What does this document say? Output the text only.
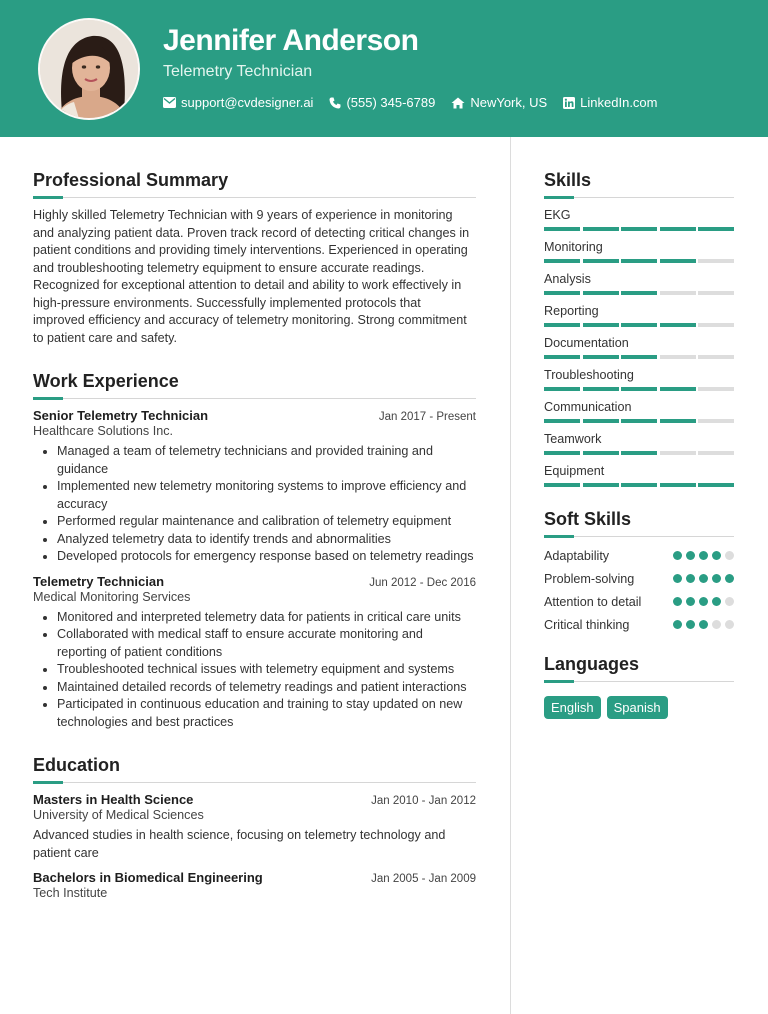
Jennifer Anderson
Telemetry Technician
support@cvdesigner.ai	(555) 345-6789	NewYork, US	LinkedIn.com
Professional Summary

Highly skilled Telemetry Technician with 9 years of experience in monitoring and analyzing patient data. Proven track record of detecting critical changes in patient conditions and providing timely interventions. Experienced in operating and troubleshooting telemetry equipment to ensure accurate readings. Recognized for exceptional attention to detail and ability to work effectively in high-pressure environments. Successfully implemented protocols that improved efficiency and accuracy of telemetry monitoring. Strong commitment to patient care and safety.

Work Experience
Senior Telemetry Technician	Jan 2017 - Present
Healthcare Solutions Inc.
• Managed a team of telemetry technicians and provided training and guidance
• Implemented new telemetry monitoring systems to improve efficiency and accuracy
• Performed regular maintenance and calibration of telemetry equipment
• Analyzed telemetry data to identify trends and abnormalities
• Developed protocols for emergency response based on telemetry readings
Telemetry Technician	Jun 2012 - Dec 2016
Medical Monitoring Services
• Monitored and interpreted telemetry data for patients in critical care units
• Collaborated with medical staff to ensure accurate monitoring and reporting of patient conditions
• Troubleshooted technical issues with telemetry equipment and systems
• Maintained detailed records of telemetry readings and patient interactions
• Participated in continuous education and training to stay updated on new technologies and best practices
Education
Masters in Health Science	Jan 2010 - Jan 2012
University of Medical Sciences

Advanced studies in health science, focusing on telemetry technology and patient care

Bachelors in Biomedical Engineering	Jan 2005 - Jan 2009
Tech Institute
Skills
EKG
Monitoring
Analysis
Reporting
Documentation
Troubleshooting
Communication
Teamwork
Equipment
Soft Skills
Adaptability
Problem-solving
Attention to detail
Critical thinking
Languages
English	Spanish
